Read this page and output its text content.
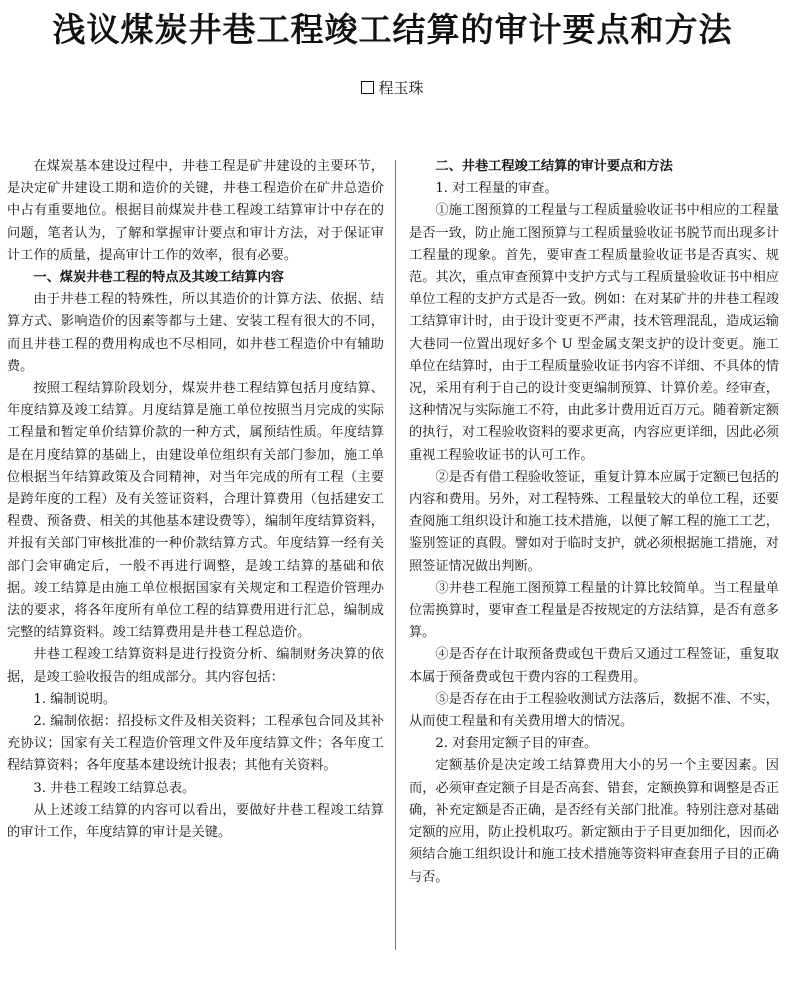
浅议煤炭井巷工程竣工结算的审计要点和方法
程玉珠

在煤炭基本建设过程中，井巷工程是矿井建设的主要环节，是决定矿井建设工期和造价的关键，井巷工程造价在矿井总造价中占有重要地位。根据目前煤炭井巷工程竣工结算审计中存在的问题，笔者认为，了解和掌握审计要点和审计方法，对于保证审计工作的质量，提高审计工作的效率，很有必要。

一、煤炭井巷工程的特点及其竣工结算内容

由于井巷工程的特殊性，所以其造价的计算方法、依据、结算方式、影响造价的因素等都与土建、安装工程有很大的不同，而且井巷工程的费用构成也不尽相同，如井巷工程造价中有辅助费。

按照工程结算阶段划分，煤炭井巷工程结算包括月度结算、年度结算及竣工结算。月度结算是施工单位按照当月完成的实际工程量和暂定单价结算价款的一种方式，属预结性质。年度结算是在月度结算的基础上，由建设单位组织有关部门参加，施工单位根据当年结算政策及合同精神，对当年完成的所有工程（主要是跨年度的工程）及有关签证资料，合理计算费用（包括建安工程费、预备费、相关的其他基本建设费等），编制年度结算资料，并报有关部门审核批准的一种价款结算方式。年度结算一经有关部门会审确定后，一般不再进行调整，是竣工结算的基础和依据。竣工结算是由施工单位根据国家有关规定和工程造价管理办法的要求，将各年度所有单位工程的结算费用进行汇总，编制成完整的结算资料。竣工结算费用是井巷工程总造价。

井巷工程竣工结算资料是进行投资分析、编制财务决算的依据，是竣工验收报告的组成部分。其内容包括：

1. 编制说明。

2. 编制依据：招投标文件及相关资料；工程承包合同及其补充协议；国家有关工程造价管理文件及年度结算文件；各年度工程结算资料；各年度基本建设统计报表；其他有关资料。

3. 井巷工程竣工结算总表。

从上述竣工结算的内容可以看出，要做好井巷工程竣工结算的审计工作，年度结算的审计是关键。

二、井巷工程竣工结算的审计要点和方法

1. 对工程量的审查。

①施工图预算的工程量与工程质量验收证书中相应的工程量是否一致，防止施工图预算与工程质量验收证书脱节而出现多计工程量的现象。首先，要审查工程质量验收证书是否真实、规范。其次，重点审查预算中支护方式与工程质量验收证书中相应单位工程的支护方式是否一致。例如：在对某矿井的井巷工程竣工结算审计时，由于设计变更不严肃，技术管理混乱，造成运输大巷同一位置出现好多个 U 型金属支架支护的设计变更。施工单位在结算时，由于工程质量验收证书内容不详细、不具体的情况，采用有利于自己的设计变更编制预算、计算价差。经审查，这种情况与实际施工不符，由此多计费用近百万元。随着新定额的执行，对工程验收资料的要求更高，内容应更详细，因此必须重视工程验收证书的认可工作。

②是否有借工程验收签证，重复计算本应属于定额已包括的内容和费用。另外，对工程特殊、工程量较大的单位工程，还要查阅施工组织设计和施工技术措施，以便了解工程的施工工艺，鉴别签证的真假。譬如对于临时支护，就必须根据施工措施，对照签证情况做出判断。

③井巷工程施工图预算工程量的计算比较简单。当工程量单位需换算时，要审查工程量是否按规定的方法结算，是否有意多算。

④是否存在计取预备费或包干费后又通过工程签证，重复取本属于预备费或包干费内容的工程费用。

⑤是否存在由于工程验收测试方法落后，数据不准、不实，从而使工程量和有关费用增大的情况。

2. 对套用定额子目的审查。

定额基价是决定竣工结算费用大小的另一个主要因素。因而，必须审查定额子目是否高套、错套，定额换算和调整是否正确，补充定额是否正确，是否经有关部门批准。特别注意对基础定额的应用，防止投机取巧。新定额由于子目更加细化，因而必须结合施工组织设计和施工技术措施等资料审查套用子目的正确与否。
